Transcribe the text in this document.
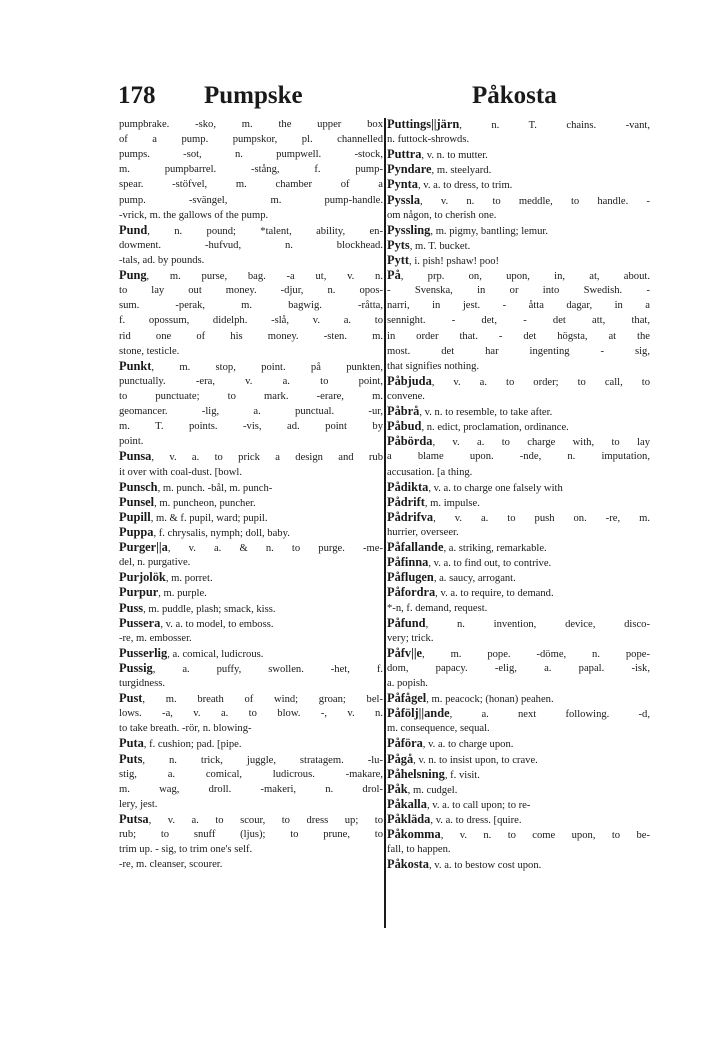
178 Pumpske	Påkosta
pumpbrake. -sko, m. the upper box
of a pump. pumpskor, pl. channelled
pumps. -sot, n. pumpwell. -stock,
m. pumpbarrel. -stång, f. pump-
spear. -stöfvel, m. chamber of a
pump. -svängel, m. pump-handle.
-vrick, m. the gallows of the pump.
Pund, n. pound; *talent, ability, en-
dowment. -hufvud, n. blockhead.
-tals, ad. by pounds.
Pung, m. purse, bag. -a ut, v. n.
to lay out money. -djur, n. opos-
sum. -perak, m. bagwig. -råtta,
f. opossum, didelph. -slå, v. a. to
rid one of his money. -sten. m.
stone, testicle.
Punkt, m. stop, point. på punkten,
punctually. -era, v. a. to point,
to punctuate; to mark. -erare, m.
geomancer. -lig, a. punctual. -ur,
m. T. points. -vis, ad. point by
point.
Punsa, v. a. to prick a design and rub
it over with coal-dust. [bowl.
Punsch, m. punch. -bål, m. punch-
Punsel, m. puncheon, puncher.
Pupill, m. & f. pupil, ward; pupil.
Puppa, f. chrysalis, nymph; doll, baby.
Purger||a, v. a. & n. to purge. -me-
del, n. purgative.
Purjolök, m. porret.
Purpur, m. purple.
Puss, m. puddle, plash; smack, kiss.
Pussera, v. a. to model, to emboss.
-re, m. embosser.
Pusserlig, a. comical, ludicrous.
Pussig, a. puffy, swollen. -het, f.
turgidness.
Pust, m. breath of wind; groan; bel-
lows. -a, v. a. to blow. -, v. n.
to take breath. -rör, n. blowing-
Puta, f. cushion; pad. [pipe.
Puts, n. trick, juggle, stratagem. -lu-
stig, a. comical, ludicrous. -makare,
m. wag, droll. -makeri, n. drol-
lery, jest.
Putsa, v. a. to scour, to dress up; to
rub; to snuff (ljus); to prune, to
trim up. - sig, to trim one's self.
-re, m. cleanser, scourer.
Puttings||järn, n. T. chains. -vant,
n. futtock-shrowds.
Puttra, v. n. to mutter.
Pyndare, m. steelyard.
Pynta, v. a. to dress, to trim.
Pyssla, v. n. to meddle, to handle. -
om någon, to cherish one.
Pyssling, m. pigmy, bantling; lemur.
Pyts, m. T. bucket.
Pytt, i. pish! pshaw! poo!
På, prp. on, upon, in, at, about.
- Svenska, in or into Swedish. -
narri, in jest. - åtta dagar, in a
sennight. - det, - det att, that,
in order that. - det högsta, at the
most. det har ingenting - sig,
that signifies nothing.
Påbjuda, v. a. to order; to call, to
convene.
Påbrå, v. n. to resemble, to take after.
Påbud, n. edict, proclamation, ordinance.
Påbörda, v. a. to charge with, to lay
a blame upon. -nde, n. imputation,
accusation. [a thing.
Pådikta, v. a. to charge one falsely with
Pådrift, m. impulse.
Pådrifva, v. a. to push on. -re, m.
hurrier, overseer.
Påfallande, a. striking, remarkable.
Påfinna, v. a. to find out, to contrive.
Påflugen, a. saucy, arrogant.
Påfordra, v. a. to require, to demand.
*-n, f. demand, request.
Påfund, n. invention, device, disco-
very; trick.
Påfv||e, m. pope. -döme, n. pope-
dom, papacy. -elig, a. papal. -isk,
a. popish.
Påfågel, m. peacock; (honan) peahen.
Påfölj||ande, a. next following. -d,
m. consequence, sequal.
Påföra, v. a. to charge upon.
Pågå, v. n. to insist upon, to crave.
Påhelsning, f. visit.
Påk, m. cudgel.
Påkalla, v. a. to call upon; to re-
Påkläda, v. a. to dress. [quire.
Påkomma, v. n. to come upon, to be-
fall, to happen.
Påkosta, v. a. to bestow cost upon.
